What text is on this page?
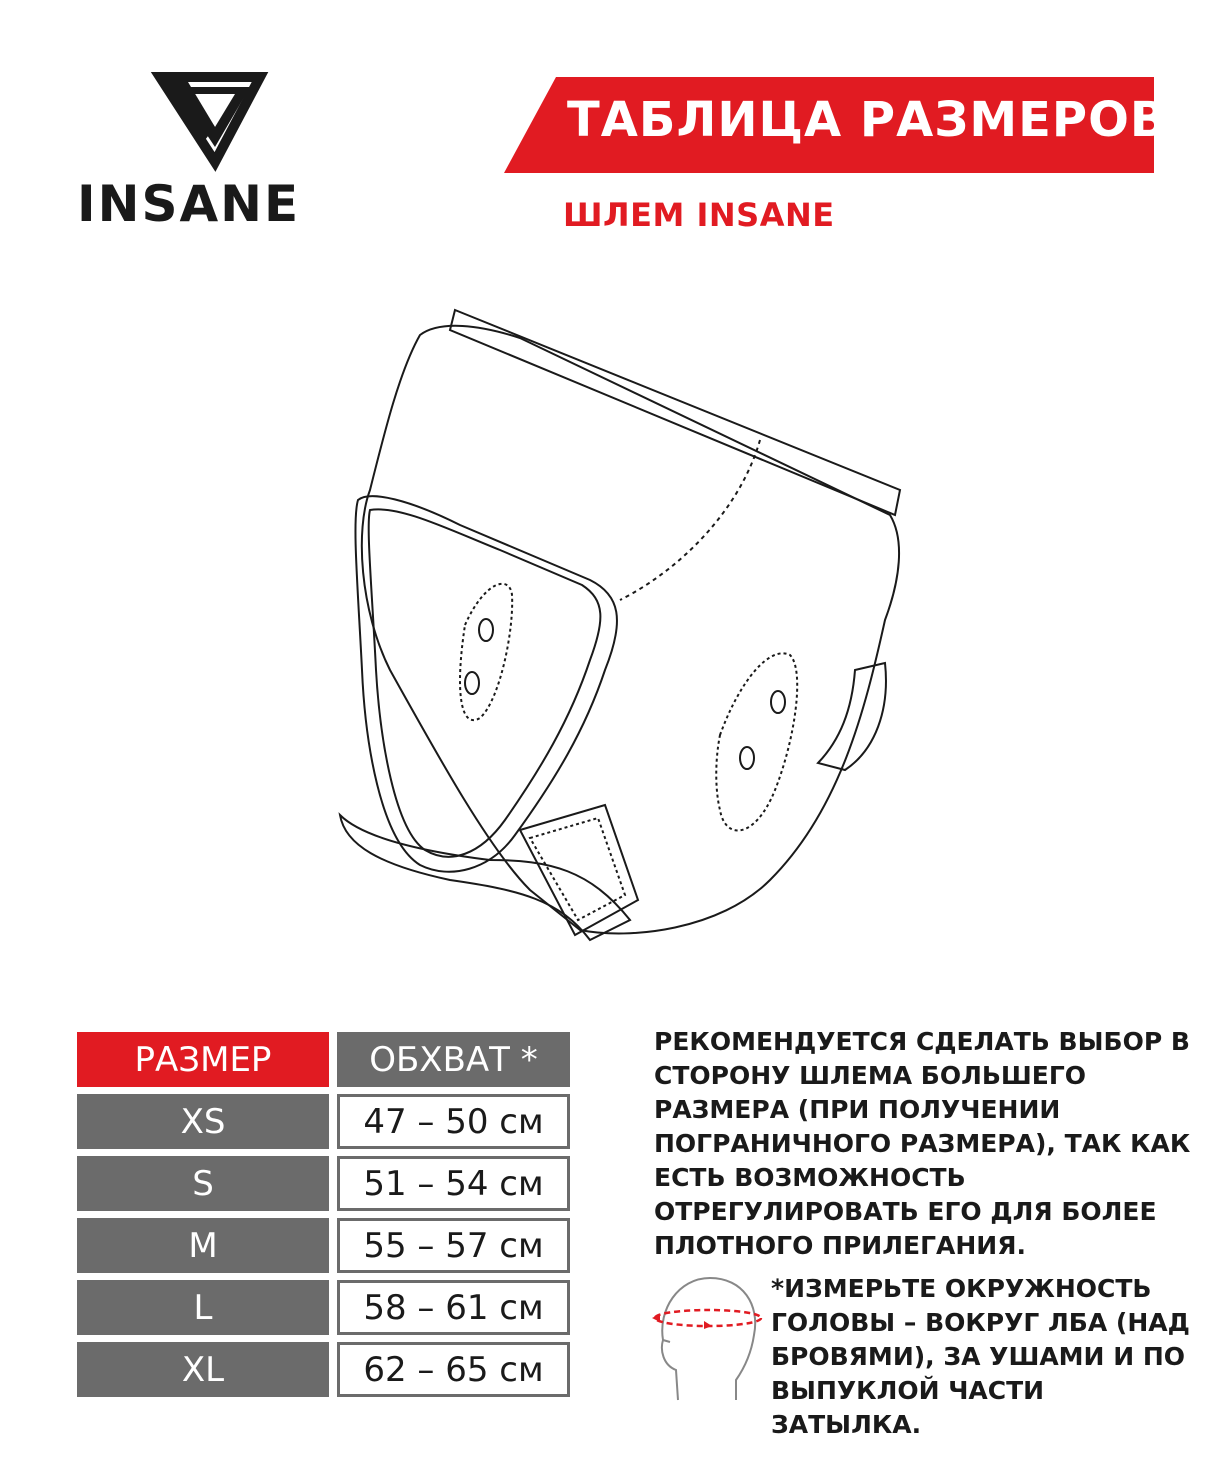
INSANE
ТАБЛИЦА РАЗМЕРОВ
ШЛЕМ INSANE
РАЗМЕР	ОБХВАТ *
XS	47 – 50 см
S	51 – 54 см
M	55 – 57 см
L	58 – 61 см
XL	62 – 65 см
РЕКОМЕНДУЕТСЯ СДЕЛАТЬ ВЫБОР В СТОРОНУ ШЛЕМА БОЛЬШЕГО РАЗМЕРА (ПРИ ПОЛУЧЕНИИ ПОГРАНИЧНОГО РАЗМЕРА), ТАК КАК ЕСТЬ ВОЗМОЖНОСТЬ ОТРЕГУЛИРОВАТЬ ЕГО ДЛЯ БОЛЕЕ ПЛОТНОГО ПРИЛЕГАНИЯ.
*ИЗМЕРЬТЕ ОКРУЖНОСТЬ ГОЛОВЫ – ВОКРУГ ЛБА (НАД БРОВЯМИ), ЗА УШАМИ И ПО ВЫПУКЛОЙ ЧАСТИ ЗАТЫЛКА.
